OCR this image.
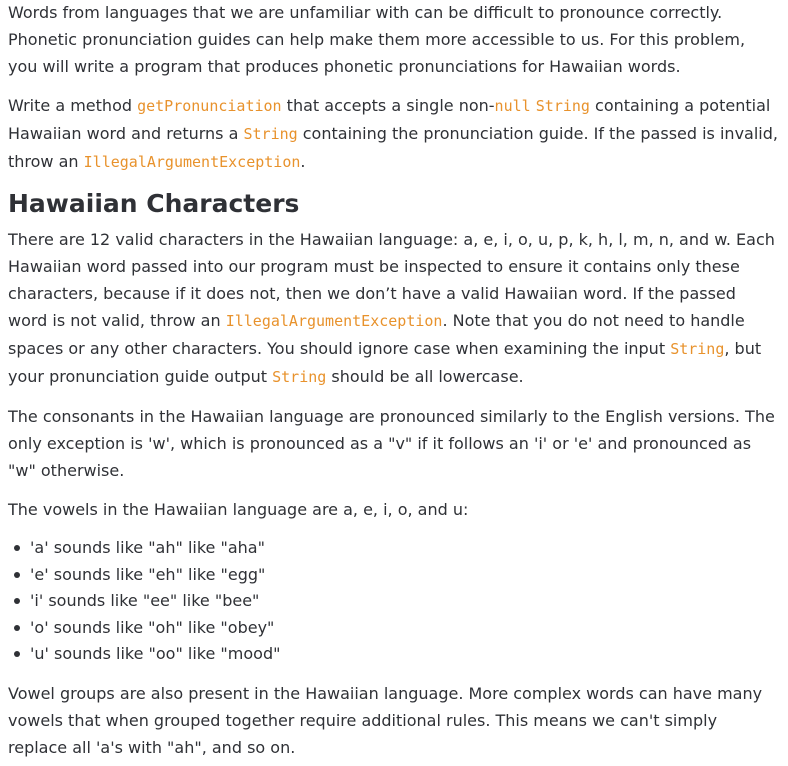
Words from languages that we are unfamiliar with can be difficult to pronounce correctly. Phonetic pronunciation guides can help make them more accessible to us. For this problem, you will write a program that produces phonetic pronunciations for Hawaiian words.

Write a method getPronunciation that accepts a single non-null String containing a potential Hawaiian word and returns a String containing the pronunciation guide. If the passed is invalid, throw an IllegalArgumentException.

Hawaiian Characters

There are 12 valid characters in the Hawaiian language: a, e, i, o, u, p, k, h, l, m, n, and w. Each Hawaiian word passed into our program must be inspected to ensure it contains only these characters, because if it does not, then we don’t have a valid Hawaiian word. If the passed word is not valid, throw an IllegalArgumentException. Note that you do not need to handle spaces or any other characters. You should ignore case when examining the input String, but your pronunciation guide output String should be all lowercase.

The consonants in the Hawaiian language are pronounced similarly to the English versions. The only exception is 'w', which is pronounced as a "v" if it follows an 'i' or 'e' and pronounced as "w" otherwise.

The vowels in the Hawaiian language are a, e, i, o, and u:

'a' sounds like "ah" like "aha"
'e' sounds like "eh" like "egg"
'i' sounds like "ee" like "bee"
'o' sounds like "oh" like "obey"
'u' sounds like "oo" like "mood"

Vowel groups are also present in the Hawaiian language. More complex words can have many vowels that when grouped together require additional rules. This means we can't simply replace all 'a's with "ah", and so on.
